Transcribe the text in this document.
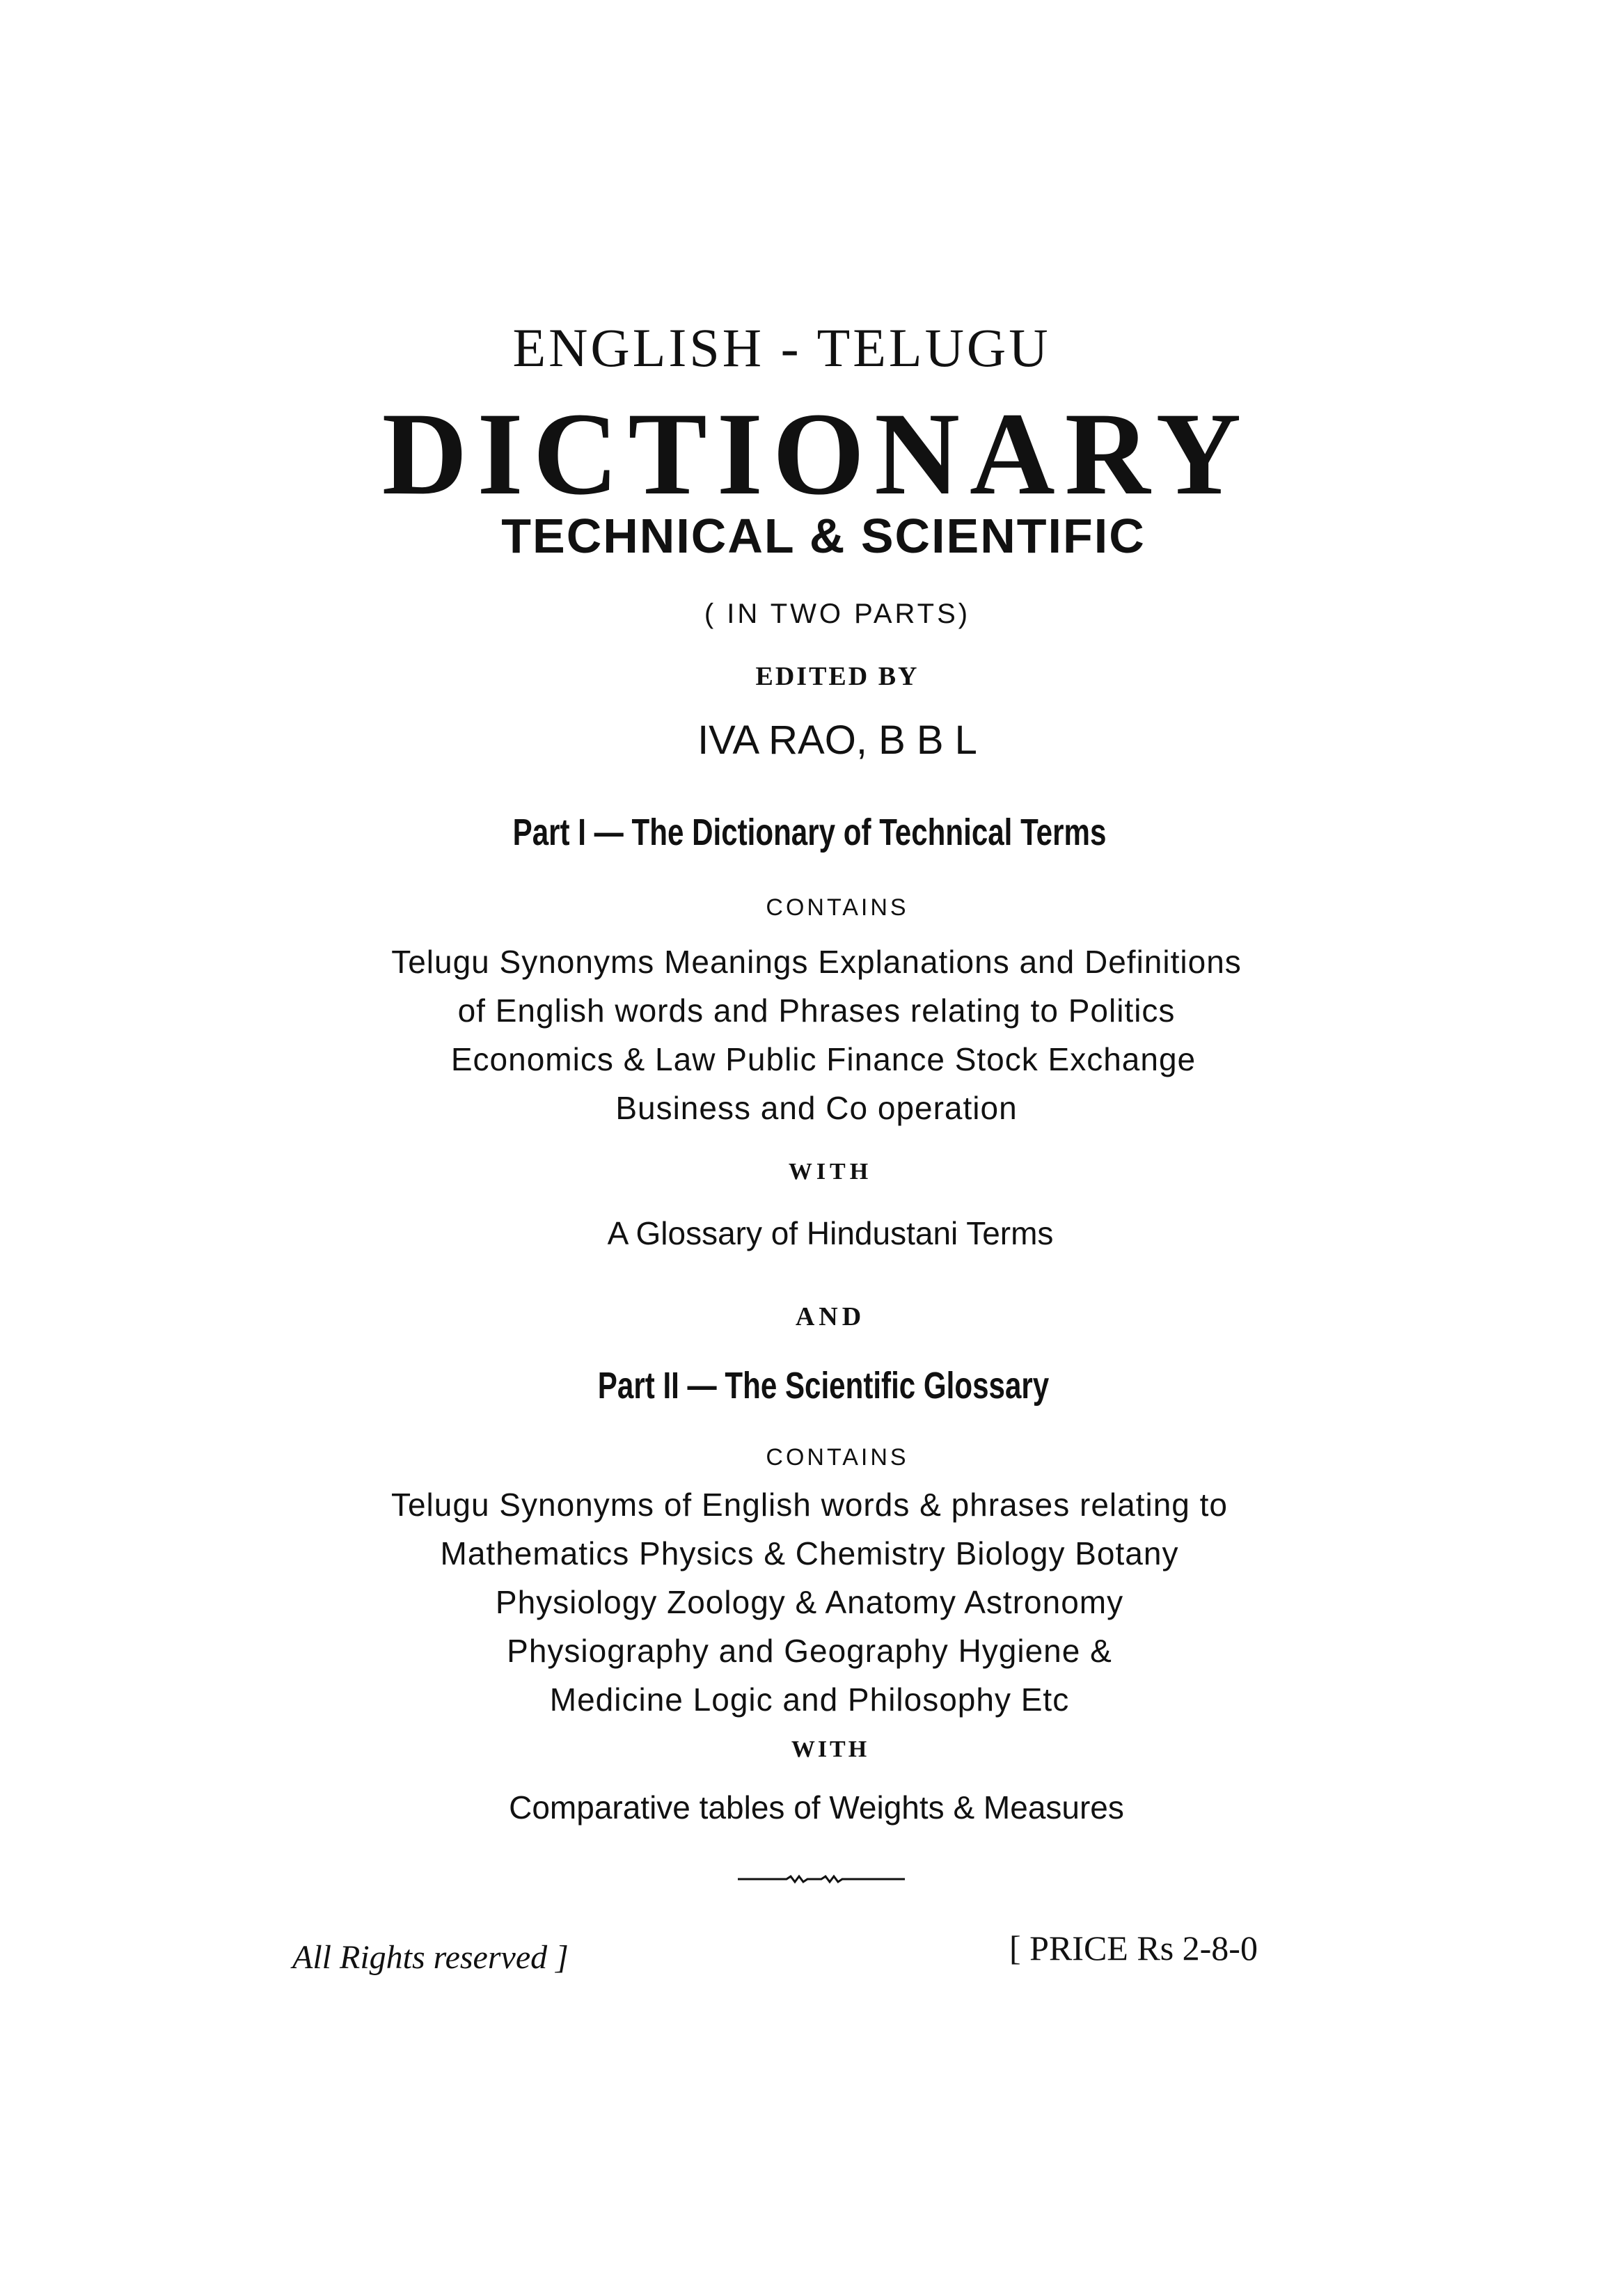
ENGLISH - TELUGU
DICTIONARY
TECHNICAL & SCIENTIFIC
( IN TWO PARTS)
EDITED BY
IVA RAO, B B L
Part I — The Dictionary of Technical Terms
CONTAINS
Telugu Synonyms Meanings Explanations and Definitions
of English words and Phrases relating to Politics
Economics & Law Public Finance Stock Exchange
Business and Co operation
WITH
A Glossary of Hindustani Terms
AND
Part II — The Scientific Glossary
CONTAINS
Telugu Synonyms of English words & phrases relating to
Mathematics Physics & Chemistry Biology Botany
Physiology Zoology & Anatomy Astronomy
Physiography and Geography Hygiene &
Medicine Logic and Philosophy Etc
WITH
Comparative tables of Weights & Measures
All Rights reserved ]	[ PRICE Rs 2-8-0
